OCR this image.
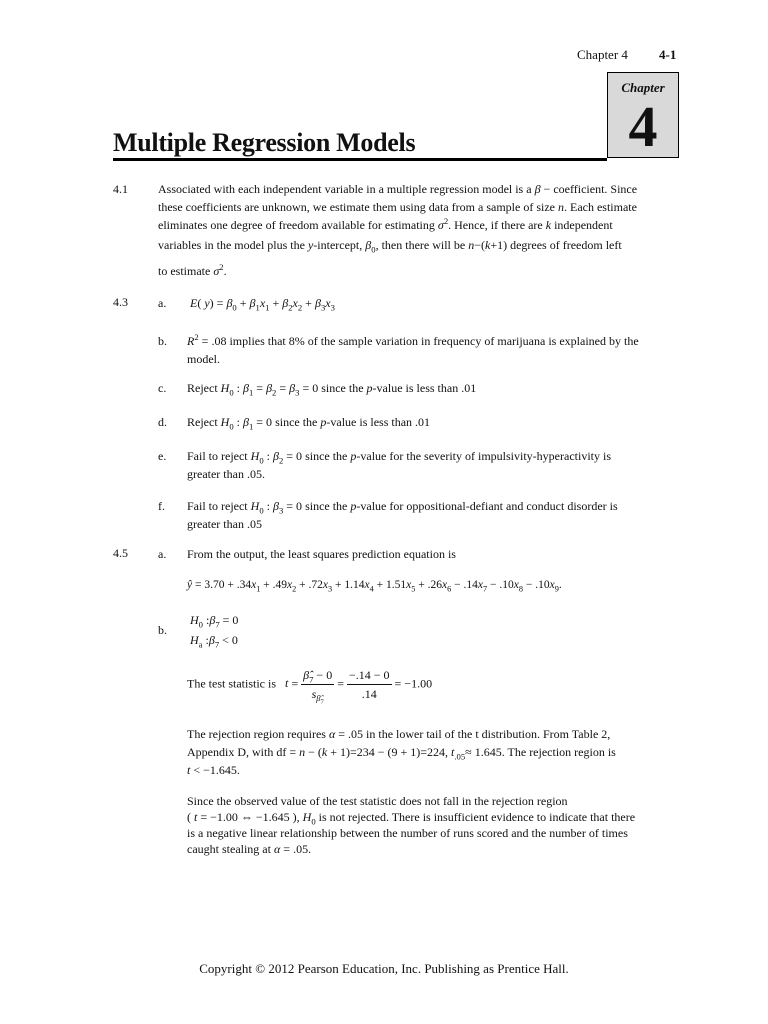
Chapter 4 4-1
Chapter
4
Multiple Regression Models
4.1	Associated with each independent variable in a multiple regression model is a β − coefficient. Since
these coefficients are unknown, we estimate them using data from a sample of size n. Each estimate
eliminates one degree of freedom available for estimating $\sigma^2$. Hence, if there are k independent
variables in the model plus the y-intercept, $\beta_0$, then there will be n−(k+1) degrees of freedom left
to estimate $\sigma^2$.
4.3	a. E( $y) = \beta_0 + \beta_1x_1 + \beta_2x_2 + \beta_3x_3$
b. $R^2 = .08$ implies that 8% of the sample variation in frequency of marijuana is explained by the
model.
c. Reject $H_0$ : $\beta_1 = \beta_2 = \beta_3 = 0$ since the p-value is less than .01
d. Reject $H_0$ : $\beta_1 = 0$ since the p-value is less than .01
e. Fail to reject $H_0$ : $\beta_2 = 0$ since the p-value for the severity of impulsivity-hyperactivity is
greater than .05.
f. Fail to reject $H_0$ : $\beta_3 = 0$ since the p-value for oppositional-defiant and conduct disorder is
greater than .05
4.5	a. From the output, the least squares prediction equation is
ŷ = $3.70 + .34x_1 + .49x_2 + .72x_3 + 1.14x_4 + 1.51x_5 + .26x_6 - .14x_7 - .10x_8 - .10x_9$.
b.
$H_0$ $:\beta_7 = 0$
$H_a$ $:\beta_7 < 0$
The test statistic is $t = \frac{\betâ_7 - 0}{s_{\betâ_7}} = \frac{-.14 - 0}{.14} = -1.00$
The rejection region requires α = .05 in the lower tail of the t distribution. From Table 2,
Appendix D, with df = n − (k + 1)=234 − (9 + 1)=224, $t_{.05}\approx 1.645$. The rejection region is
t < −1.645.
Since the observed value of the test statistic does not fall in the rejection region
( t = −1.00 ⇔ −1.645 ), $H_0$ is not rejected. There is insufficient evidence to indicate that there
is a negative linear relationship between the number of runs scored and the number of times
caught stealing at α = .05.
Copyright © 2012 Pearson Education, Inc. Publishing as Prentice Hall.
